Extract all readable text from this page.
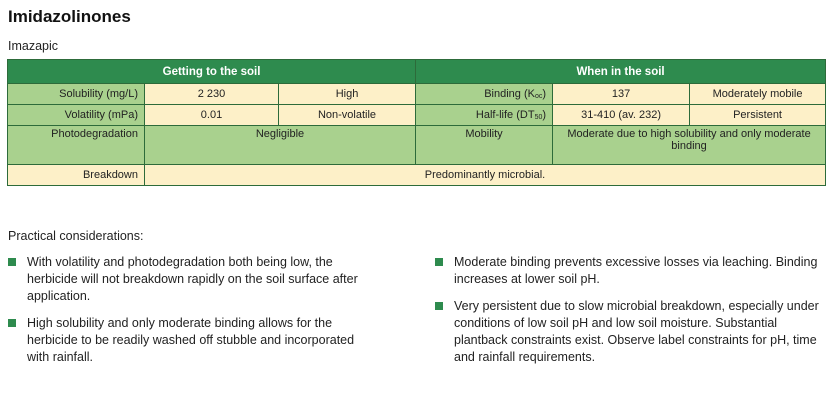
Imidazolinones
Imazapic
Getting to the soil			When in the soil		
Solubility (mg/L)	2 230	High	Binding $(K_{oc})$	137	Moderately mobile
Volatility (mPa)	0.01	Non-volatile	Half-life $(DT_{50})$	31-410 (av. 232)	Persistent
Photodegradation	Negligible		Mobility	Moderate due to high solubility and only moderate binding	
Breakdown	Predominantly microbial.				
Practical considerations:
With volatility and photodegradation both being low, the herbicide will not breakdown rapidly on the soil surface after application.
High solubility and only moderate binding allows for the herbicide to be readily washed off stubble and incorporated with rainfall.
Moderate binding prevents excessive losses via leaching. Binding increases at lower soil pH.
Very persistent due to slow microbial breakdown, especially under conditions of low soil pH and low soil moisture. Substantial plantback constraints exist. Observe label constraints for pH, time and rainfall requirements.
